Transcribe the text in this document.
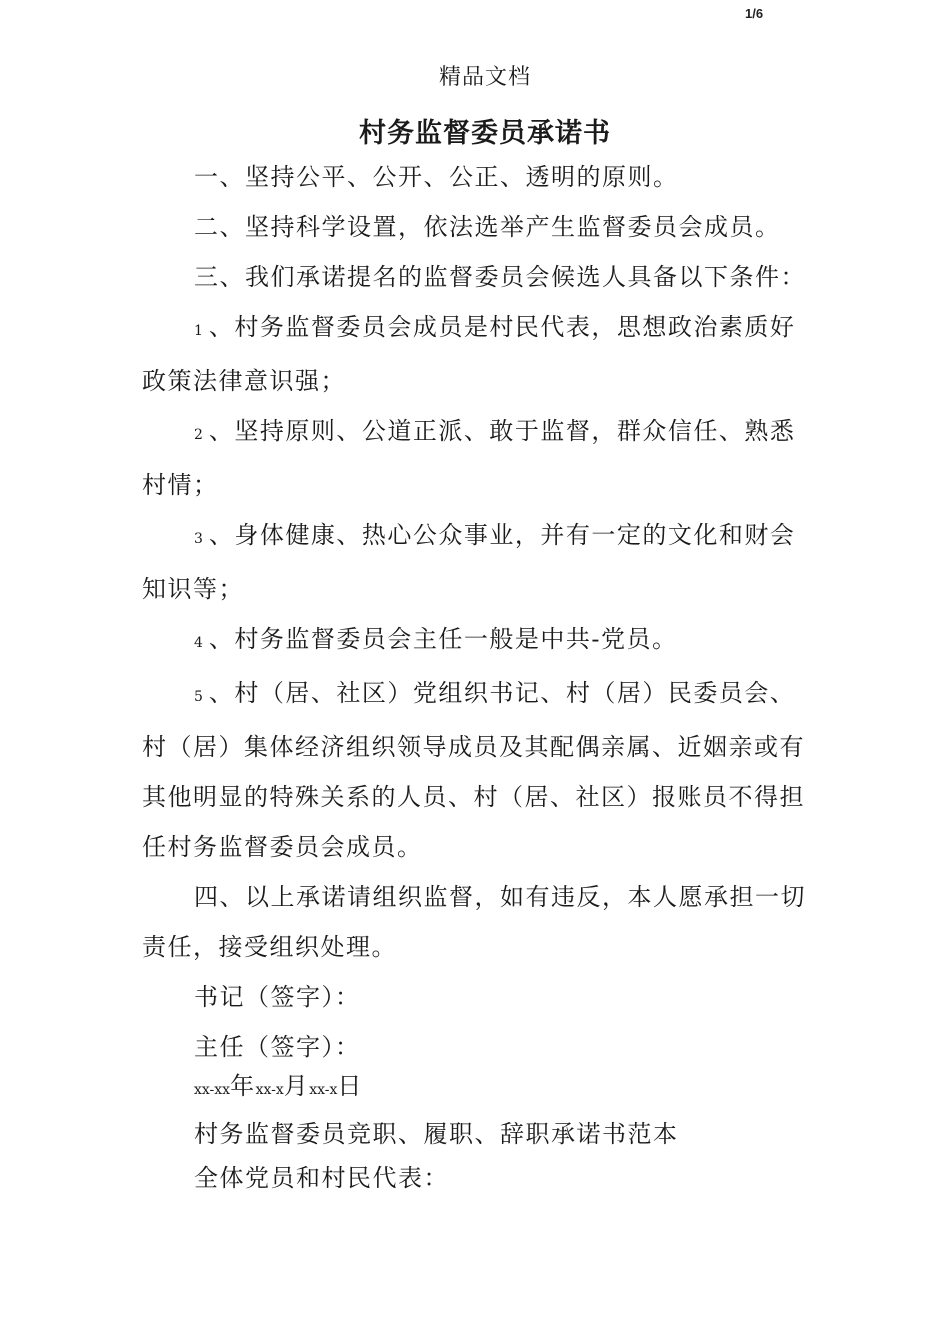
1/6
精品文档
村务监督委员承诺书

一、坚持公平、公开、公正、透明的原则。

二、坚持科学设置，依法选举产生监督委员会成员。

三、我们承诺提名的监督委员会候选人具备以下条件：

1 、村务监督委员会成员是村民代表，思想政治素质好政策法律意识强；

2 、坚持原则、公道正派、敢于监督，群众信任、熟悉村情；

3 、身体健康、热心公众事业，并有一定的文化和财会知识等；

4 、村务监督委员会主任一般是中共-党员。

5 、村（居、社区）党组织书记、村（居）民委员会、村（居）集体经济组织领导成员及其配偶亲属、近姻亲或有其他明显的特殊关系的人员、村（居、社区）报账员不得担任村务监督委员会成员。

四、以上承诺请组织监督，如有违反，本人愿承担一切责任，接受组织处理。

书记（签字）：

主任（签字）：

xx-xx年xx-x月xx-x日

村务监督委员竞职、履职、辞职承诺书范本

全体党员和村民代表：
